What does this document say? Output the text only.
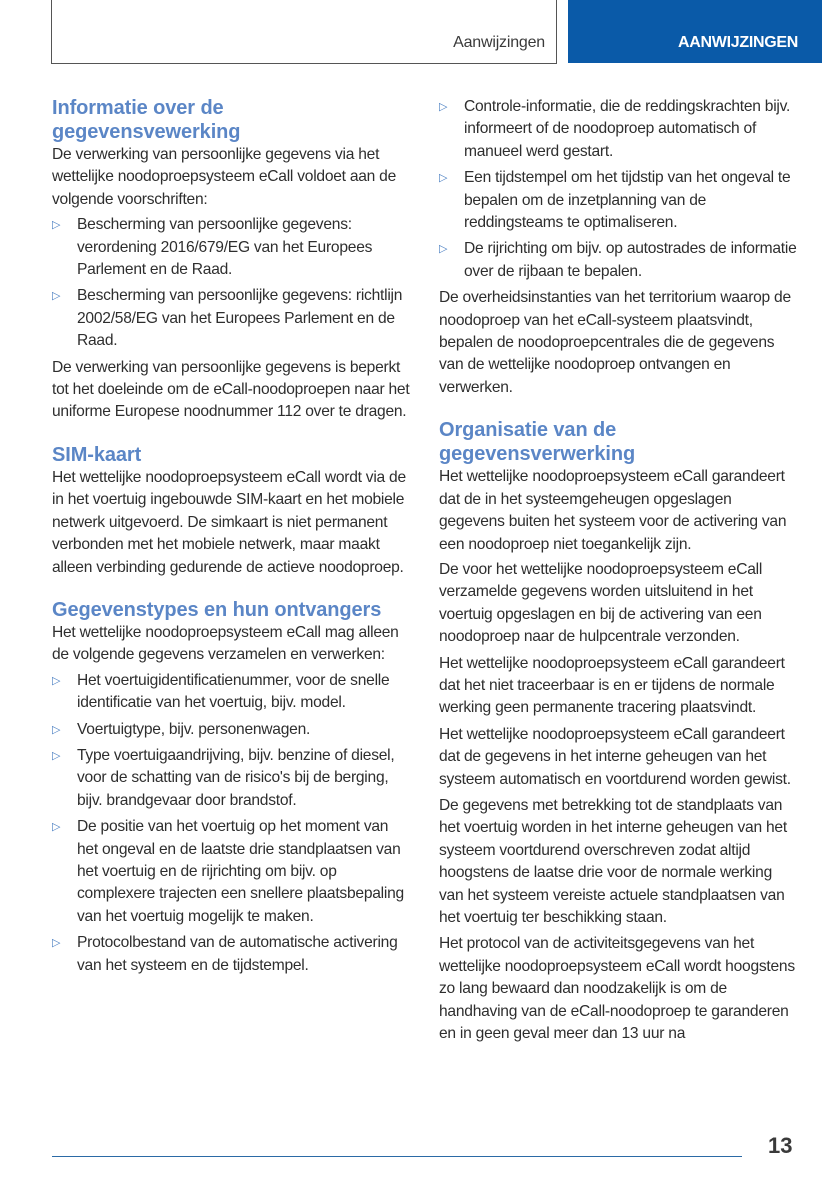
Aanwijzingen	AANWIJZINGEN
Informatie over de gegevensvewerking

De verwerking van persoonlijke gegevens via het wettelijke noodoproepsysteem eCall voldoet aan de volgende voorschriften:

▷ Bescherming van persoonlijke gegevens: verordening 2016/679/EG van het Europees Parlement en de Raad.
▷ Bescherming van persoonlijke gegevens: richtlijn 2002/58/EG van het Europees Parlement en de Raad.

De verwerking van persoonlijke gegevens is beperkt tot het doeleinde om de eCall-noodoproepen naar het uniforme Europese noodnummer 112 over te dragen.

SIM-kaart

Het wettelijke noodoproepsysteem eCall wordt via de in het voertuig ingebouwde SIM-kaart en het mobiele netwerk uitgevoerd. De simkaart is niet permanent verbonden met het mobiele netwerk, maar maakt alleen verbinding gedurende de actieve noodoproep.

Gegevenstypes en hun ontvangers

Het wettelijke noodoproepsysteem eCall mag alleen de volgende gegevens verzamelen en verwerken:

▷ Het voertuigidentificatienummer, voor de snelle identificatie van het voertuig, bijv. model.
▷ Voertuigtype, bijv. personenwagen.
▷ Type voertuigaandrijving, bijv. benzine of diesel, voor de schatting van de risico's bij de berging, bijv. brandgevaar door brandstof.
▷ De positie van het voertuig op het moment van het ongeval en de laatste drie standplaatsen van het voertuig en de rijrichting om bijv. op complexere trajecten een snellere plaatsbepaling van het voertuig mogelijk te maken.
▷ Protocolbestand van de automatische activering van het systeem en de tijdstempel.
▷ Controle-informatie, die de reddingskrachten bijv. informeert of de noodoproep automatisch of manueel werd gestart.
▷ Een tijdstempel om het tijdstip van het ongeval te bepalen om de inzetplanning van de reddingsteams te optimaliseren.
▷ De rijrichting om bijv. op autostrades de informatie over de rijbaan te bepalen.

De overheidsinstanties van het territorium waarop de noodoproep van het eCall-systeem plaatsvindt, bepalen de noodoproepcentrales die de gegevens van de wettelijke noodoproep ontvangen en verwerken.

Organisatie van de gegevensverwerking

Het wettelijke noodoproepsysteem eCall garandeert dat de in het systeemgeheugen opgeslagen gegevens buiten het systeem voor de activering van een noodoproep niet toegankelijk zijn.

De voor het wettelijke noodoproepsysteem eCall verzamelde gegevens worden uitsluitend in het voertuig opgeslagen en bij de activering van een noodoproep naar de hulpcentrale verzonden.

Het wettelijke noodoproepsysteem eCall garandeert dat het niet traceerbaar is en er tijdens de normale werking geen permanente tracering plaatsvindt.

Het wettelijke noodoproepsysteem eCall garandeert dat de gegevens in het interne geheugen van het systeem automatisch en voortdurend worden gewist.

De gegevens met betrekking tot de standplaats van het voertuig worden in het interne geheugen van het systeem voortdurend overschreven zodat altijd hoogstens de laatse drie voor de normale werking van het systeem vereiste actuele standplaatsen van het voertuig ter beschikking staan.

Het protocol van de activiteitsgegevens van het wettelijke noodoproepsysteem eCall wordt hoogstens zo lang bewaard dan noodzakelijk is om de handhaving van de eCall-noodoproep te garanderen en in geen geval meer dan 13 uur na

13
